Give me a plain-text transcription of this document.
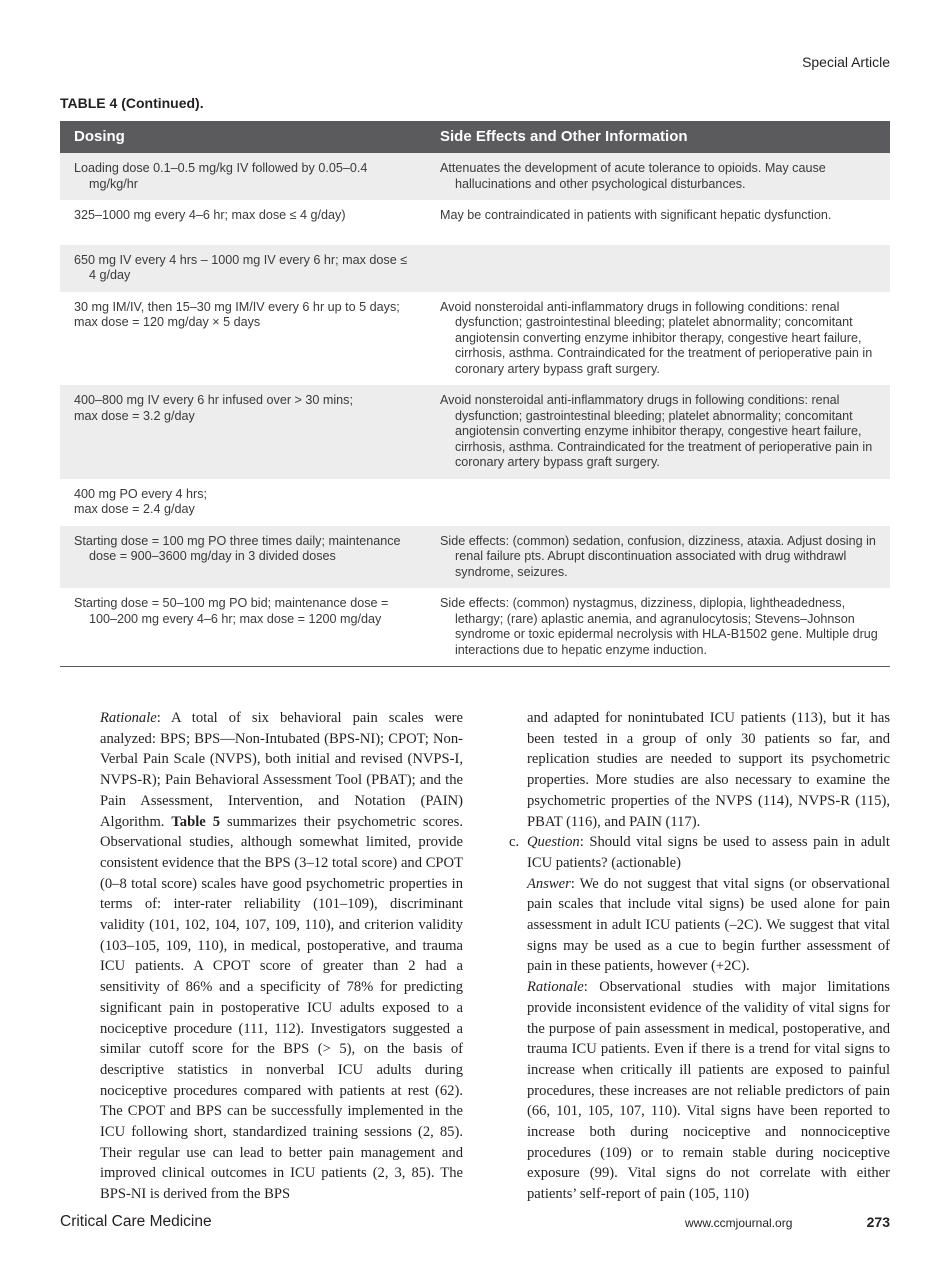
Special Article
TABLE 4 (Continued).
Dosing	Side Effects and Other Information

Loading dose 0.1–0.5 mg/kg IV followed by 0.05–0.4 mg/kg/hr	Attenuates the development of acute tolerance to opioids. May cause hallucinations and other psychological disturbances.

325–1000 mg every 4–6 hr; max dose ≤ 4 g/day)	May be contraindicated in patients with significant hepatic dysfunction.

650 mg IV every 4 hrs – 1000 mg IV every 6 hr; max dose ≤ 4 g/day	

30 mg IM/IV, then 15–30 mg IM/IV every 6 hr up to 5 days;
max dose = 120 mg/day × 5 days	Avoid nonsteroidal anti-inflammatory drugs in following conditions: renal dysfunction; gastrointestinal bleeding; platelet abnormality; concomitant angiotensin converting enzyme inhibitor therapy, congestive heart failure, cirrhosis, asthma. Contraindicated for the treatment of perioperative pain in coronary artery bypass graft surgery.

400–800 mg IV every 6 hr infused over > 30 mins;
max dose = 3.2 g/day	Avoid nonsteroidal anti-inflammatory drugs in following conditions: renal dysfunction; gastrointestinal bleeding; platelet abnormality; concomitant angiotensin converting enzyme inhibitor therapy, congestive heart failure, cirrhosis, asthma. Contraindicated for the treatment of perioperative pain in coronary artery bypass graft surgery.

400 mg PO every 4 hrs;
max dose = 2.4 g/day	

Starting dose = 100 mg PO three times daily; maintenance dose = 900–3600 mg/day in 3 divided doses	Side effects: (common) sedation, confusion, dizziness, ataxia. Adjust dosing in renal failure pts. Abrupt discontinuation associated with drug withdrawl syndrome, seizures.

Starting dose = 50–100 mg PO bid; maintenance dose = 100–200 mg every 4–6 hr; max dose = 1200 mg/day	Side effects: (common) nystagmus, dizziness, diplopia, lightheadedness, lethargy; (rare) aplastic anemia, and agranulocytosis; Stevens–Johnson syndrome or toxic epidermal necrolysis with HLA-B1502 gene. Multiple drug interactions due to hepatic enzyme induction.

Rationale: A total of six behavioral pain scales were analyzed: BPS; BPS—Non-Intubated (BPS-NI); CPOT; Non-Verbal Pain Scale (NVPS), both initial and revised (NVPS-I, NVPS-R); Pain Behavioral Assessment Tool (PBAT); and the Pain Assessment, Intervention, and Notation (PAIN) Algorithm. Table 5 summarizes their psychometric scores. Observational studies, although somewhat limited, provide consistent evidence that the BPS (3–12 total score) and CPOT (0–8 total score) scales have good psychometric properties in terms of: inter-rater reliability (101–109), discriminant validity (101, 102, 104, 107, 109, 110), and criterion validity (103–105, 109, 110), in medical, postoperative, and trauma ICU patients. A CPOT score of greater than 2 had a sensitivity of 86% and a specificity of 78% for predicting significant pain in postoperative ICU adults exposed to a nociceptive procedure (111, 112). Investigators suggested a similar cutoff score for the BPS (> 5), on the basis of descriptive statistics in nonverbal ICU adults during nociceptive procedures compared with patients at rest (62). The CPOT and BPS can be successfully implemented in the ICU following short, standardized training sessions (2, 85). Their regular use can lead to better pain management and improved clinical outcomes in ICU patients (2, 3, 85). The BPS-NI is derived from the BPS

and adapted for nonintubated ICU patients (113), but it has been tested in a group of only 30 patients so far, and replication studies are needed to support its psychometric properties. More studies are also necessary to examine the psychometric properties of the NVPS (114), NVPS-R (115), PBAT (116), and PAIN (117).

c. Question: Should vital signs be used to assess pain in adult ICU patients? (actionable)

Answer: We do not suggest that vital signs (or observational pain scales that include vital signs) be used alone for pain assessment in adult ICU patients (–2C). We suggest that vital signs may be used as a cue to begin further assessment of pain in these patients, however (+2C).

Rationale: Observational studies with major limitations provide inconsistent evidence of the validity of vital signs for the purpose of pain assessment in medical, postoperative, and trauma ICU patients. Even if there is a trend for vital signs to increase when critically ill patients are exposed to painful procedures, these increases are not reliable predictors of pain (66, 101, 105, 107, 110). Vital signs have been reported to increase both during nociceptive and nonnociceptive procedures (109) or to remain stable during nociceptive exposure (99). Vital signs do not correlate with either patients’ self-report of pain (105, 110)

Critical Care Medicine	www.ccmjournal.org	273
